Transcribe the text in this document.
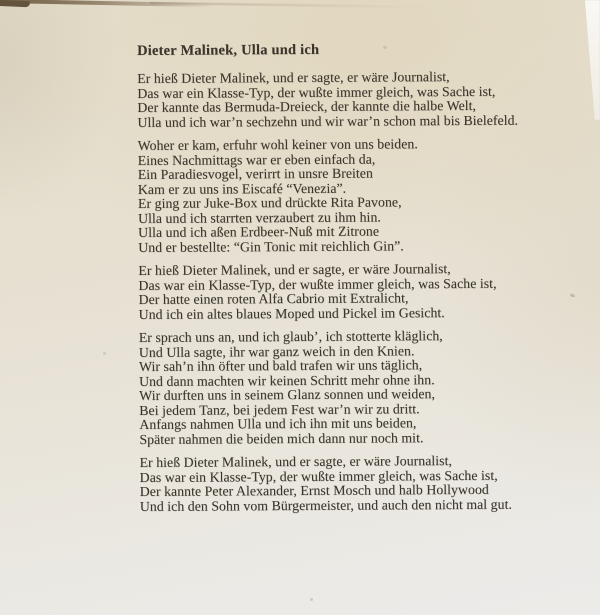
Dieter Malinek, Ulla und ich

Er hieß Dieter Malinek, und er sagte, er wäre Journalist,

Das war ein Klasse-Typ, der wußte immer gleich, was Sache ist,

Der kannte das Bermuda-Dreieck, der kannte die halbe Welt,

Ulla und ich war’n sechzehn und wir war’n schon mal bis Bielefeld.

Woher er kam, erfuhr wohl keiner von uns beiden.

Eines Nachmittags war er eben einfach da,

Ein Paradiesvogel, verirrt in unsre Breiten

Kam er zu uns ins Eiscafé “Venezia”.

Er ging zur Juke-Box und drückte Rita Pavone,

Ulla und ich starrten verzaubert zu ihm hin.

Ulla und ich aßen Erdbeer-Nuß mit Zitrone

Und er bestellte: “Gin Tonic mit reichlich Gin”.

Er hieß Dieter Malinek, und er sagte, er wäre Journalist,

Das war ein Klasse-Typ, der wußte immer gleich, was Sache ist,

Der hatte einen roten Alfa Cabrio mit Extralicht,

Und ich ein altes blaues Moped und Pickel im Gesicht.

Er sprach uns an, und ich glaub’, ich stotterte kläglich,

Und Ulla sagte, ihr war ganz weich in den Knien.

Wir sah’n ihn öfter und bald trafen wir uns täglich,

Und dann machten wir keinen Schritt mehr ohne ihn.

Wir durften uns in seinem Glanz sonnen und weiden,

Bei jedem Tanz, bei jedem Fest war’n wir zu dritt.

Anfangs nahmen Ulla und ich ihn mit uns beiden,

Später nahmen die beiden mich dann nur noch mit.

Er hieß Dieter Malinek, und er sagte, er wäre Journalist,

Das war ein Klasse-Typ, der wußte immer gleich, was Sache ist,

Der kannte Peter Alexander, Ernst Mosch und halb Hollywood

Und ich den Sohn vom Bürgermeister, und auch den nicht mal gut.
